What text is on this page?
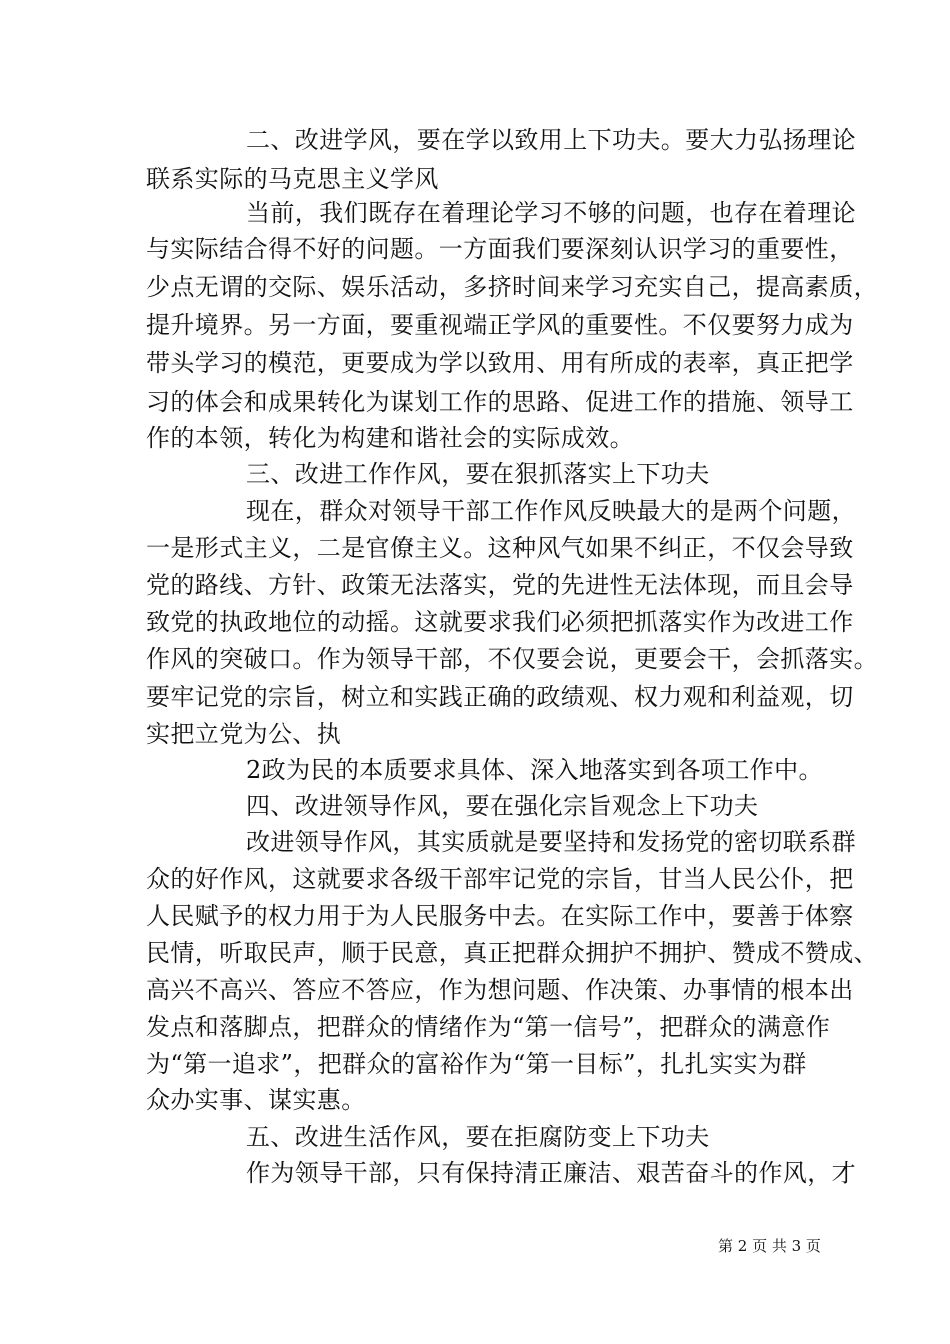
二、改进学风，要在学以致用上下功夫。要大力弘扬理论
联系实际的马克思主义学风
当前，我们既存在着理论学习不够的问题，也存在着理论
与实际结合得不好的问题。一方面我们要深刻认识学习的重要性，
少点无谓的交际、娱乐活动，多挤时间来学习充实自己，提高素质，
提升境界。另一方面，要重视端正学风的重要性。不仅要努力成为
带头学习的模范，更要成为学以致用、用有所成的表率，真正把学
习的体会和成果转化为谋划工作的思路、促进工作的措施、领导工
作的本领，转化为构建和谐社会的实际成效。
三、改进工作作风，要在狠抓落实上下功夫
现在，群众对领导干部工作作风反映最大的是两个问题，
一是形式主义，二是官僚主义。这种风气如果不纠正，不仅会导致
党的路线、方针、政策无法落实，党的先进性无法体现，而且会导
致党的执政地位的动摇。这就要求我们必须把抓落实作为改进工作
作风的突破口。作为领导干部，不仅要会说，更要会干，会抓落实。
要牢记党的宗旨，树立和实践正确的政绩观、权力观和利益观，切
实把立党为公、执
2政为民的本质要求具体、深入地落实到各项工作中。
四、改进领导作风，要在强化宗旨观念上下功夫
改进领导作风，其实质就是要坚持和发扬党的密切联系群
众的好作风，这就要求各级干部牢记党的宗旨，甘当人民公仆，把
人民赋予的权力用于为人民服务中去。在实际工作中，要善于体察
民情，听取民声，顺于民意，真正把群众拥护不拥护、赞成不赞成、
高兴不高兴、答应不答应，作为想问题、作决策、办事情的根本出
发点和落脚点，把群众的情绪作为“第一信号”，把群众的满意作
为“第一追求”，把群众的富裕作为“第一目标”，扎扎实实为群
众办实事、谋实惠。
五、改进生活作风，要在拒腐防变上下功夫
作为领导干部，只有保持清正廉洁、艰苦奋斗的作风，才
第 2 页 共 3 页
